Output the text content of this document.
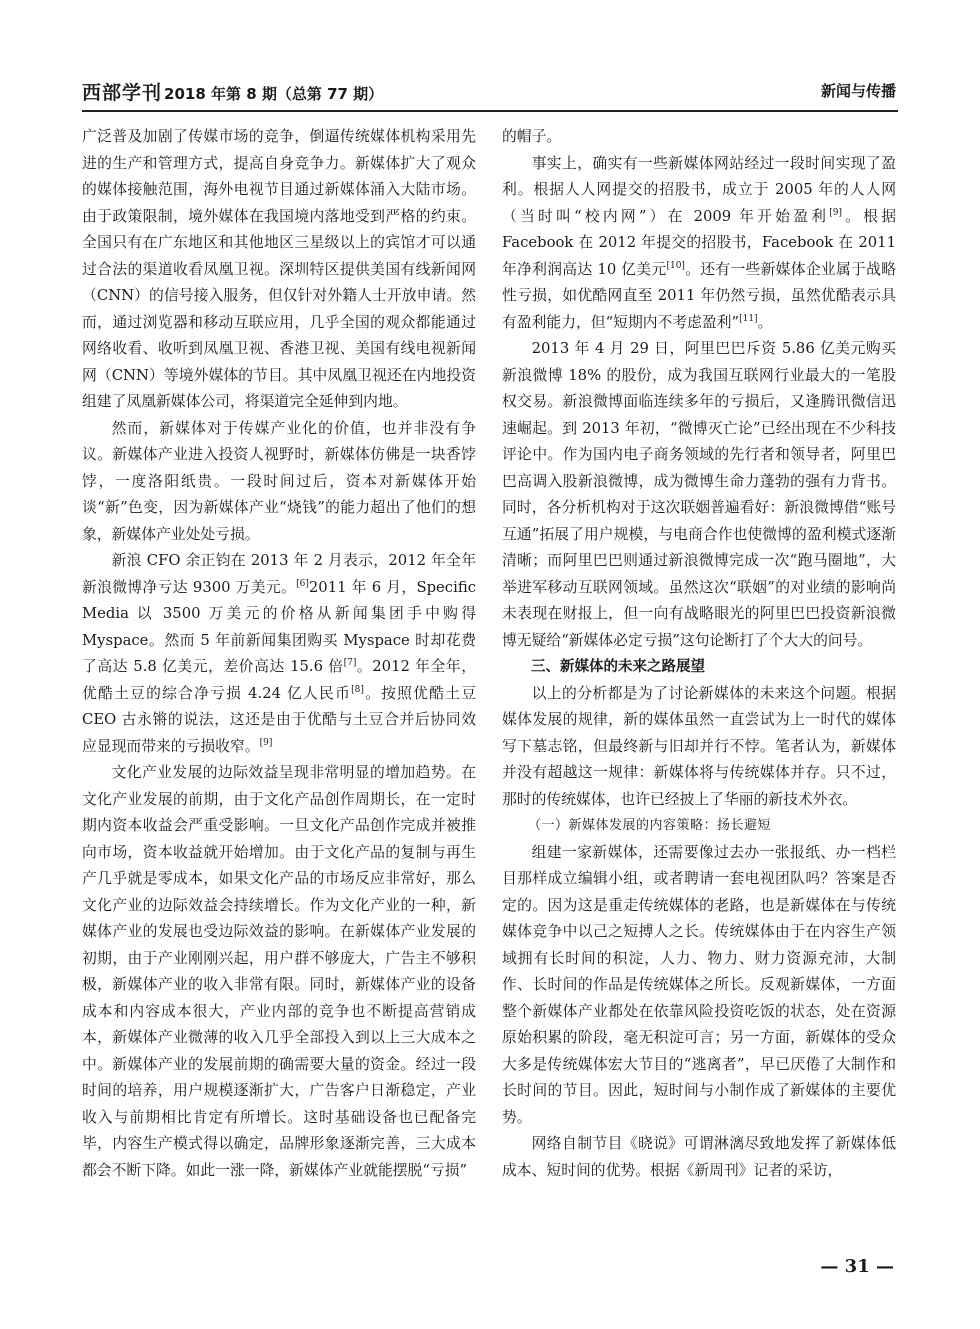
西部学刊 2018 年第 8 期（总第 77 期）	新闻与传播

广泛普及加剧了传媒市场的竞争，倒逼传统媒体机构采用先进的生产和管理方式，提高自身竞争力。新媒体扩大了观众的媒体接触范围，海外电视节目通过新媒体涌入大陆市场。由于政策限制，境外媒体在我国境内落地受到严格的约束。全国只有在广东地区和其他地区三星级以上的宾馆才可以通过合法的渠道收看凤凰卫视。深圳特区提供美国有线新闻网（CNN）的信号接入服务，但仅针对外籍人士开放申请。然而，通过浏览器和移动互联应用，几乎全国的观众都能通过网络收看、收听到凤凰卫视、香港卫视、美国有线电视新闻网（CNN）等境外媒体的节目。其中凤凰卫视还在内地投资组建了凤凰新媒体公司，将渠道完全延伸到内地。

然而，新媒体对于传媒产业化的价值，也并非没有争议。新媒体产业进入投资人视野时，新媒体仿佛是一块香饽饽，一度洛阳纸贵。一段时间过后，资本对新媒体开始谈“新”色变，因为新媒体产业“烧钱”的能力超出了他们的想象，新媒体产业处处亏损。

新浪 CFO 余正钧在 2013 年 2 月表示，2012 年全年新浪微博净亏达 9300 万美元。[6]2011 年 6 月，Specific Media 以 3500 万美元的价格从新闻集团手中购得 Myspace。然而 5 年前新闻集团购买 Myspace 时却花费了高达 5.8 亿美元，差价高达 15.6 倍[7]。2012 年全年，优酷土豆的综合净亏损 4.24 亿人民币[8]。按照优酷土豆 CEO 古永锵的说法，这还是由于优酷与土豆合并后协同效应显现而带来的亏损收窄。[9]

文化产业发展的边际效益呈现非常明显的增加趋势。在文化产业发展的前期，由于文化产品创作周期长，在一定时期内资本收益会严重受影响。一旦文化产品创作完成并被推向市场，资本收益就开始增加。由于文化产品的复制与再生产几乎就是零成本，如果文化产品的市场反应非常好，那么文化产业的边际效益会持续增长。作为文化产业的一种，新媒体产业的发展也受边际效益的影响。在新媒体产业发展的初期，由于产业刚刚兴起，用户群不够庞大，广告主不够积极，新媒体产业的收入非常有限。同时，新媒体产业的设备成本和内容成本很大，产业内部的竞争也不断提高营销成本，新媒体产业微薄的收入几乎全部投入到以上三大成本之中。新媒体产业的发展前期的确需要大量的资金。经过一段时间的培养，用户规模逐渐扩大，广告客户日渐稳定，产业收入与前期相比肯定有所增长。这时基础设备也已配备完毕，内容生产模式得以确定，品牌形象逐渐完善，三大成本都会不断下降。如此一涨一降，新媒体产业就能摆脱“亏损”

的帽子。

事实上，确实有一些新媒体网站经过一段时间实现了盈利。根据人人网提交的招股书，成立于 2005 年的人人网（当时叫“校内网”）在 2009 年开始盈利[9]。根据 Facebook 在 2012 年提交的招股书，Facebook 在 2011 年净利润高达 10 亿美元[10]。还有一些新媒体企业属于战略性亏损，如优酷网直至 2011 年仍然亏损，虽然优酷表示具有盈利能力，但“短期内不考虑盈利”[11]。

2013 年 4 月 29 日，阿里巴巴斥资 5.86 亿美元购买新浪微博 18% 的股份，成为我国互联网行业最大的一笔股权交易。新浪微博面临连续多年的亏损后，又逢腾讯微信迅速崛起。到 2013 年初，“微博灭亡论”已经出现在不少科技评论中。作为国内电子商务领域的先行者和领导者，阿里巴巴高调入股新浪微博，成为微博生命力蓬勃的强有力背书。同时，各分析机构对于这次联姻普遍看好：新浪微博借“账号互通”拓展了用户规模，与电商合作也使微博的盈利模式逐渐清晰；而阿里巴巴则通过新浪微博完成一次“跑马圈地”，大举进军移动互联网领域。虽然这次“联姻”的对业绩的影响尚未表现在财报上，但一向有战略眼光的阿里巴巴投资新浪微博无疑给“新媒体必定亏损”这句论断打了个大大的问号。

三、新媒体的未来之路展望

以上的分析都是为了讨论新媒体的未来这个问题。根据媒体发展的规律，新的媒体虽然一直尝试为上一时代的媒体写下墓志铭，但最终新与旧却并行不悖。笔者认为，新媒体并没有超越这一规律：新媒体将与传统媒体并存。只不过，那时的传统媒体，也许已经披上了华丽的新技术外衣。

（一）新媒体发展的内容策略：扬长避短

组建一家新媒体，还需要像过去办一张报纸、办一档栏目那样成立编辑小组，或者聘请一套电视团队吗？答案是否定的。因为这是重走传统媒体的老路，也是新媒体在与传统媒体竞争中以己之短搏人之长。传统媒体由于在内容生产领域拥有长时间的积淀，人力、物力、财力资源充沛，大制作、长时间的作品是传统媒体之所长。反观新媒体，一方面整个新媒体产业都处在依靠风险投资吃饭的状态，处在资源原始积累的阶段，毫无积淀可言；另一方面，新媒体的受众大多是传统媒体宏大节目的“逃离者”，早已厌倦了大制作和长时间的节目。因此，短时间与小制作成了新媒体的主要优势。

网络自制节目《晓说》可谓淋漓尽致地发挥了新媒体低成本、短时间的优势。根据《新周刊》记者的采访，

— 31 —
